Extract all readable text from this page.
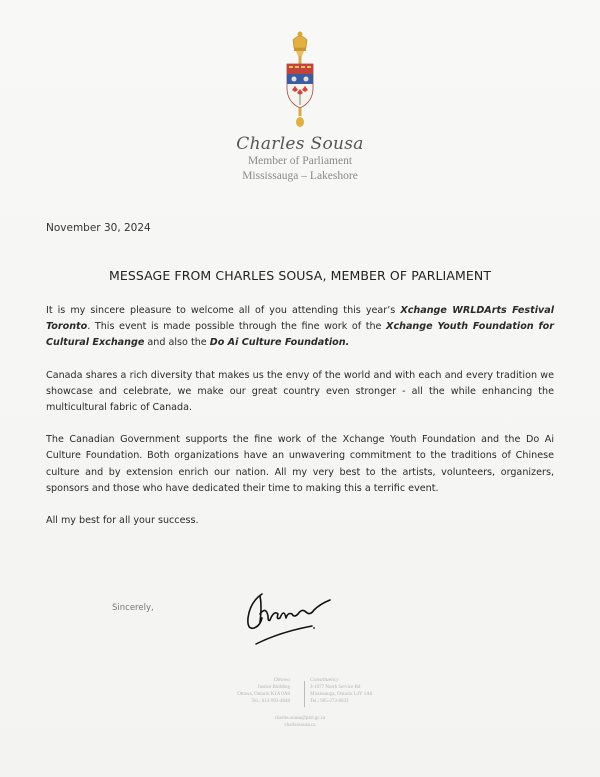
Charles Sousa
Member of Parliament
Mississauga – Lakeshore
November 30, 2024
MESSAGE FROM CHARLES SOUSA, MEMBER OF PARLIAMENT

It is my sincere pleasure to welcome all of you attending this year’s Xchange WRLDArts Festival Toronto. This event is made possible through the fine work of the Xchange Youth Foundation for Cultural Exchange and also the Do Ai Culture Foundation.

Canada shares a rich diversity that makes us the envy of the world and with each and every tradition we showcase and celebrate, we make our great country even stronger - all the while enhancing the multicultural fabric of Canada.

The Canadian Government supports the fine work of the Xchange Youth Foundation and the Do Ai Culture Foundation. Both organizations have an unwavering commitment to the traditions of Chinese culture and by extension enrich our nation. All my very best to the artists, volunteers, organizers, sponsors and those who have dedicated their time to making this a terrific event.

All my best for all your success.

Sincerely,
Ottawa
Justice Building
Ottawa, Ontario K1A 0A6
Tel.: 613-992-4848
Constituency
3-1077 North Service Rd
Mississauga, Ontario L4Y 1A6
Tel.: 905-273-8033
charles.sousa@parl.gc.ca
charlessousa.ca
